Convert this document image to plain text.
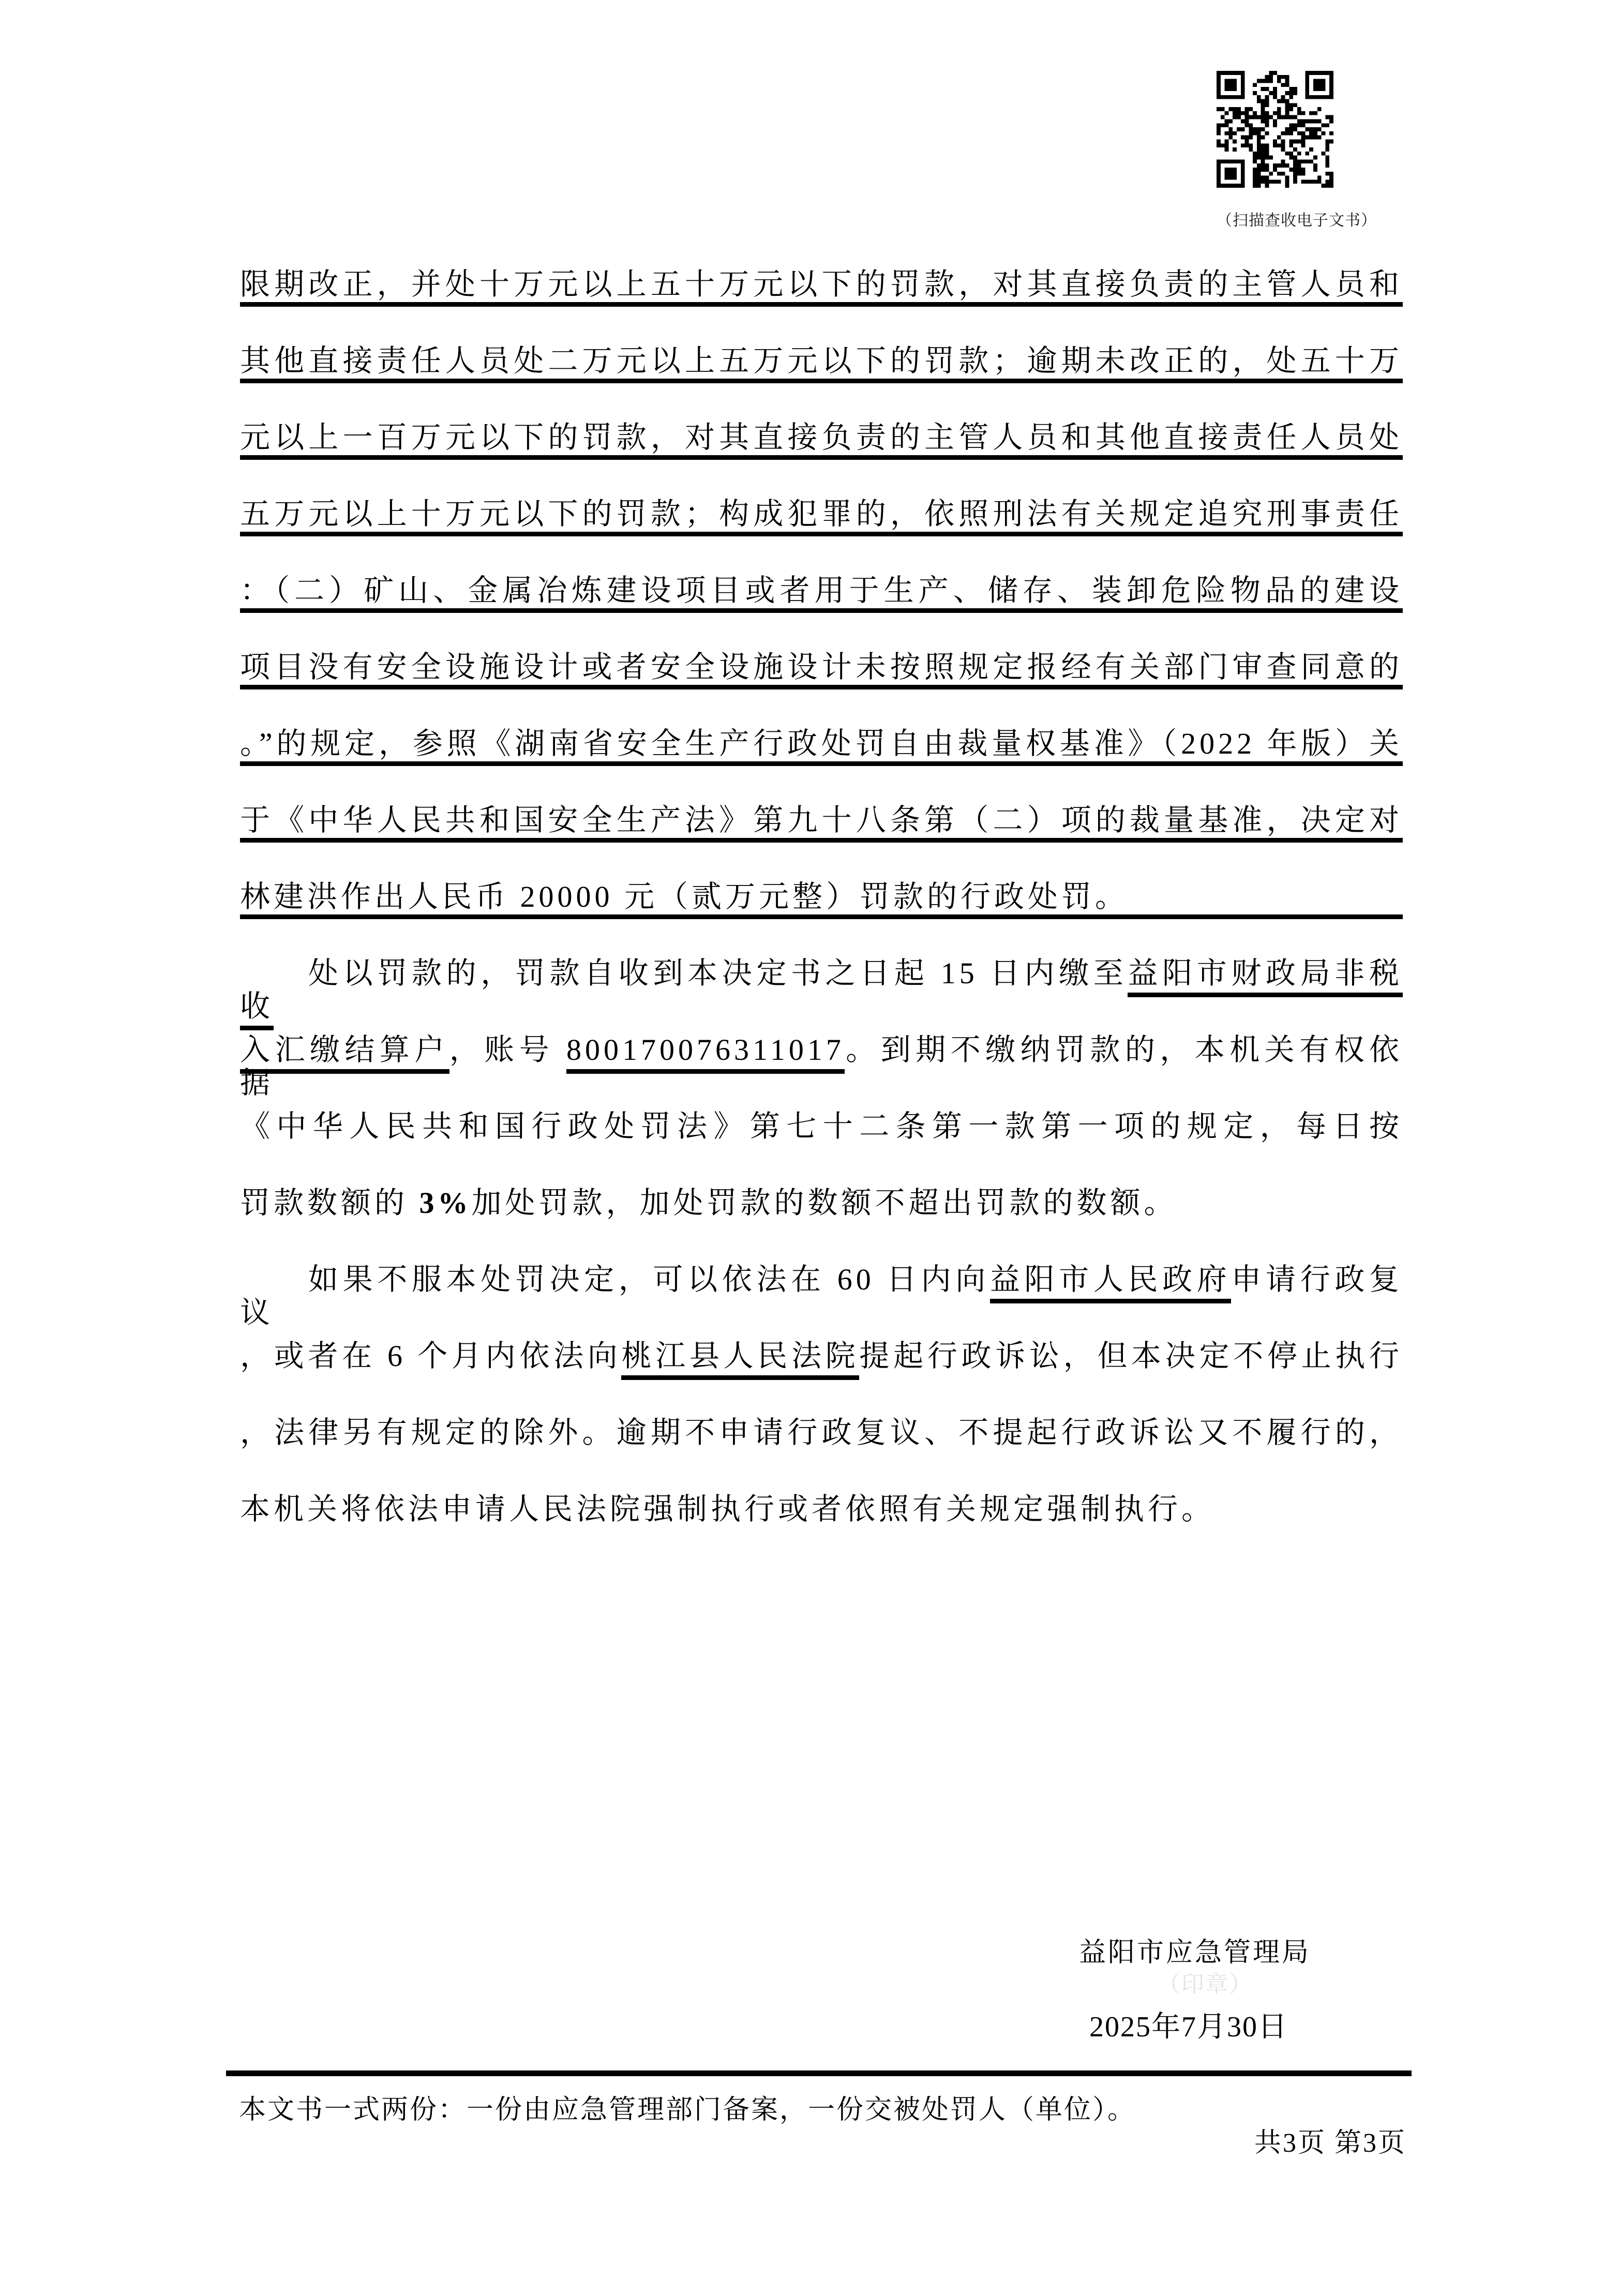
（扫描查收电子文书）
限期改正，并处十万元以上五十万元以下的罚款，对其直接负责的主管人员和
其他直接责任人员处二万元以上五万元以下的罚款；逾期未改正的，处五十万
元以上一百万元以下的罚款，对其直接负责的主管人员和其他直接责任人员处
五万元以上十万元以下的罚款；构成犯罪的，依照刑法有关规定追究刑事责任
：（二）矿山、金属冶炼建设项目或者用于生产、储存、装卸危险物品的建设
项目没有安全设施设计或者安全设施设计未按照规定报经有关部门审查同意的
。”的规定，参照《湖南省安全生产行政处罚自由裁量权基准》（2022 年版）关
于《中华人民共和国安全生产法》第九十八条第（二）项的裁量基准，决定对
林建洪作出人民币 20000 元（贰万元整）罚款的行政处罚。
处以罚款的，罚款自收到本决定书之日起 15 日内缴至益阳市财政局非税收
入汇缴结算户，账号 800170076311017。到期不缴纳罚款的，本机关有权依据
《中华人民共和国行政处罚法》第七十二条第一款第一项的规定，每日按
罚款数额的 3%加处罚款，加处罚款的数额不超出罚款的数额。
如果不服本处罚决定，可以依法在 60 日内向益阳市人民政府申请行政复议
，或者在 6 个月内依法向桃江县人民法院提起行政诉讼，但本决定不停止执行
，法律另有规定的除外。逾期不申请行政复议、不提起行政诉讼又不履行的，
本机关将依法申请人民法院强制执行或者依照有关规定强制执行。
益阳市应急管理局
（印章）
2025年7月30日
本文书一式两份：一份由应急管理部门备案，一份交被处罚人（单位）。
共3页 第3页
